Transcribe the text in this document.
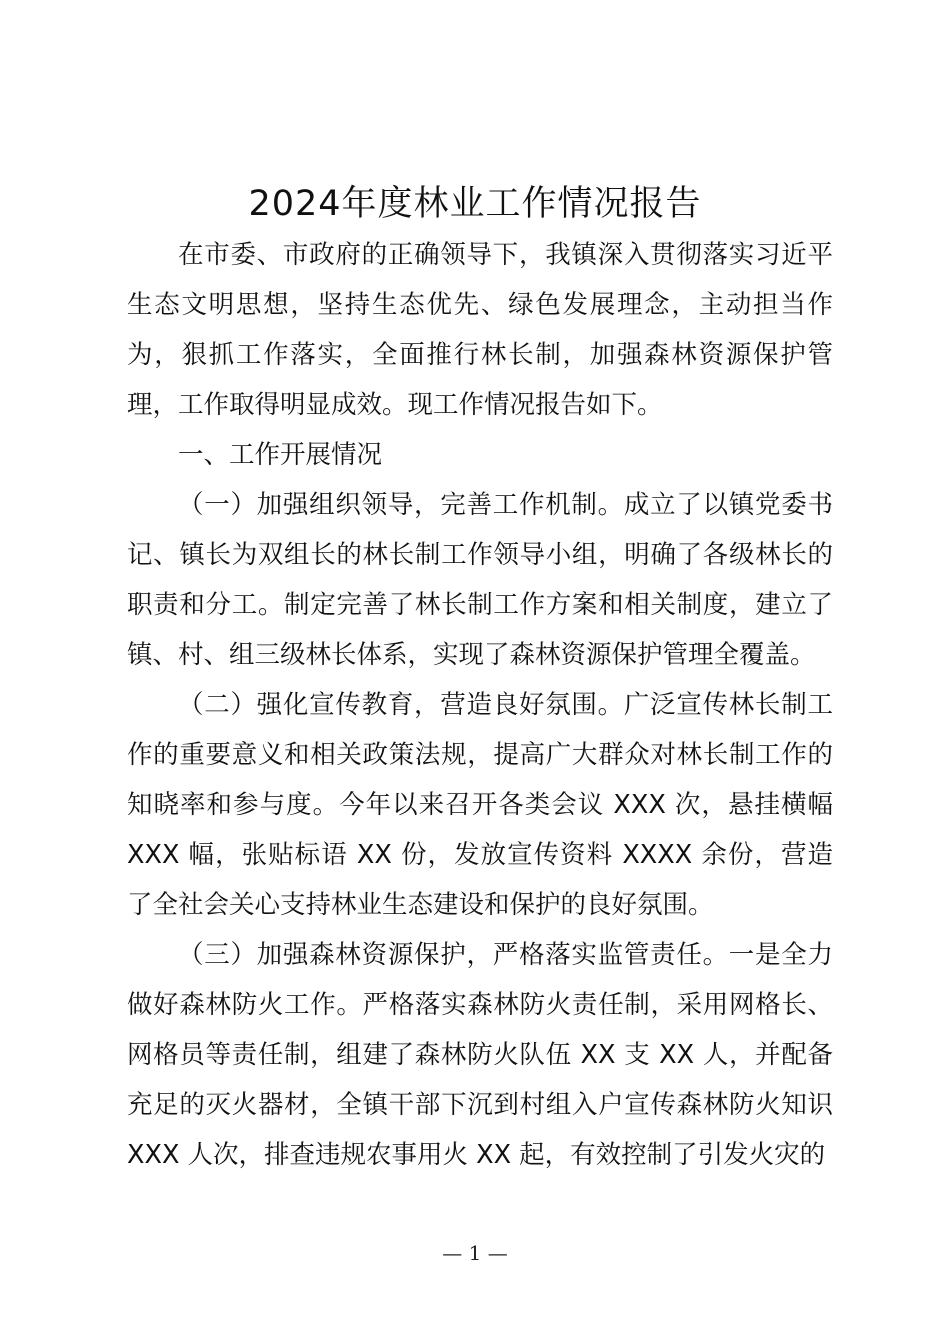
2024年度林业工作情况报告

在市委、市政府的正确领导下，我镇深入贯彻落实习近平生态文明思想，坚持生态优先、绿色发展理念，主动担当作为，狠抓工作落实，全面推行林长制，加强森林资源保护管理，工作取得明显成效。现工作情况报告如下。

一、工作开展情况

（一）加强组织领导，完善工作机制。成立了以镇党委书记、镇长为双组长的林长制工作领导小组，明确了各级林长的职责和分工。制定完善了林长制工作方案和相关制度，建立了镇、村、组三级林长体系，实现了森林资源保护管理全覆盖。

（二）强化宣传教育，营造良好氛围。广泛宣传林长制工作的重要意义和相关政策法规，提高广大群众对林长制工作的知晓率和参与度。今年以来召开各类会议 XXX 次，悬挂横幅 XXX 幅，张贴标语 XX 份，发放宣传资料 XXXX 余份，营造了全社会关心支持林业生态建设和保护的良好氛围。

（三）加强森林资源保护，严格落实监管责任。一是全力做好森林防火工作。严格落实森林防火责任制，采用网格长、网格员等责任制，组建了森林防火队伍 XX 支 XX 人，并配备充足的灭火器材，全镇干部下沉到村组入户宣传森林防火知识 XXX 人次，排查违规农事用火 XX 起，有效控制了引发火灾的

— 1 —
